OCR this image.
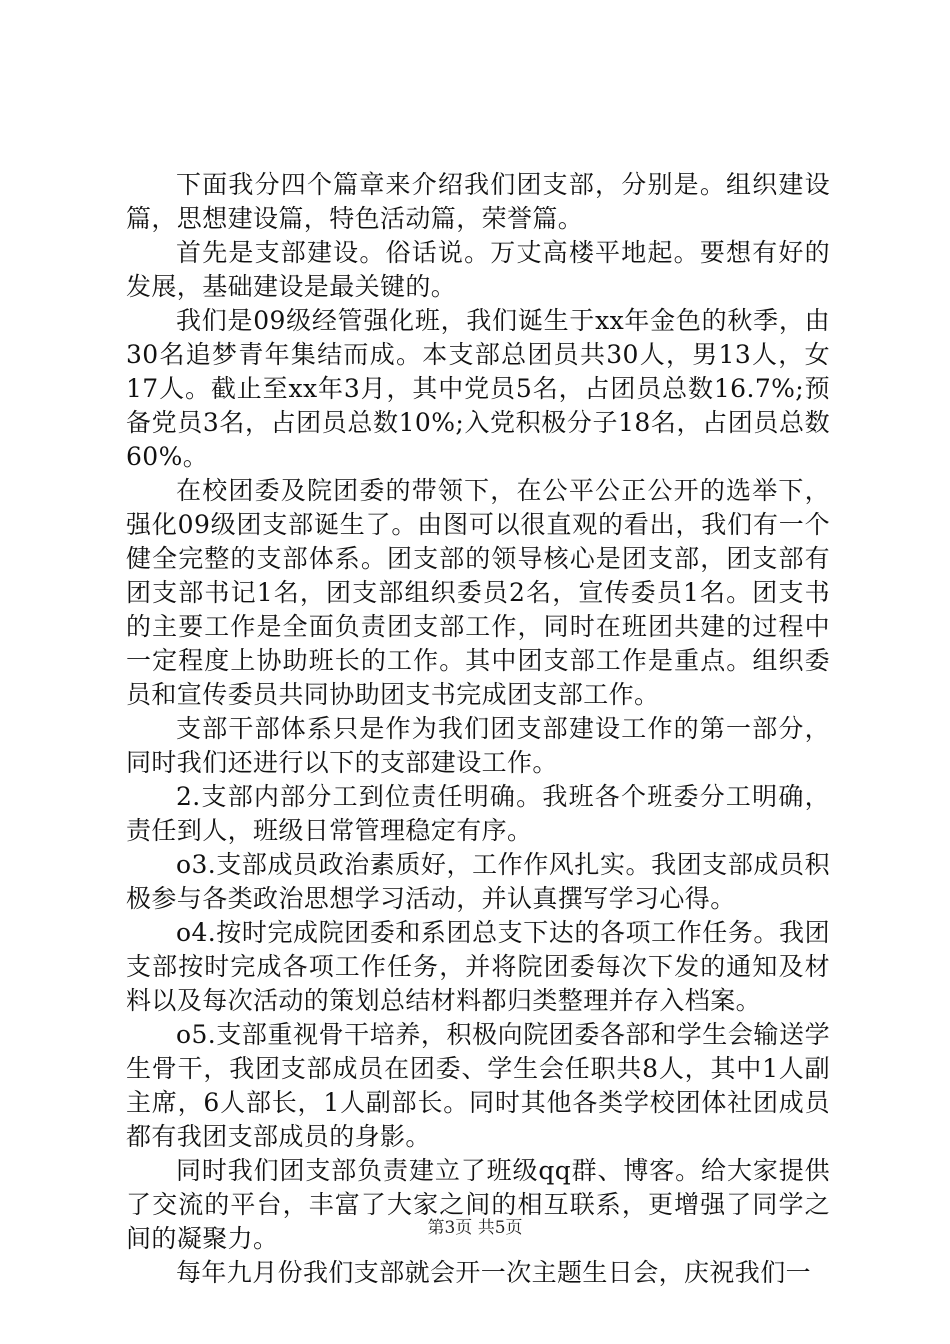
下面我分四个篇章来介绍我们团支部，分别是。组织建设篇，思想建设篇，特色活动篇，荣誉篇。

首先是支部建设。俗话说。万丈高楼平地起。要想有好的发展，基础建设是最关键的。

我们是09级经管强化班，我们诞生于xx年金色的秋季，由30名追梦青年集结而成。本支部总团员共30人，男13人，女17人。截止至xx年3月，其中党员5名，占团员总数16.7%;预备党员3名，占团员总数10%;入党积极分子18名，占团员总数60%。

在校团委及院团委的带领下，在公平公正公开的选举下，强化09级团支部诞生了。由图可以很直观的看出，我们有一个健全完整的支部体系。团支部的领导核心是团支部，团支部有团支部书记1名，团支部组织委员2名，宣传委员1名。团支书的主要工作是全面负责团支部工作，同时在班团共建的过程中一定程度上协助班长的工作。其中团支部工作是重点。组织委员和宣传委员共同协助团支书完成团支部工作。

支部干部体系只是作为我们团支部建设工作的第一部分，同时我们还进行以下的支部建设工作。

2.支部内部分工到位责任明确。我班各个班委分工明确，责任到人，班级日常管理稳定有序。

o3.支部成员政治素质好，工作作风扎实。我团支部成员积极参与各类政治思想学习活动，并认真撰写学习心得。

o4.按时完成院团委和系团总支下达的各项工作任务。我团支部按时完成各项工作任务，并将院团委每次下发的通知及材料以及每次活动的策划总结材料都归类整理并存入档案。

o5.支部重视骨干培养，积极向院团委各部和学生会输送学生骨干，我团支部成员在团委、学生会任职共8人，其中1人副主席，6人部长，1人副部长。同时其他各类学校团体社团成员都有我团支部成员的身影。

同时我们团支部负责建立了班级qq群、博客。给大家提供了交流的平台，丰富了大家之间的相互联系，更增强了同学之间的凝聚力。

每年九月份我们支部就会开一次主题生日会，庆祝我们一

第3页 共5页
